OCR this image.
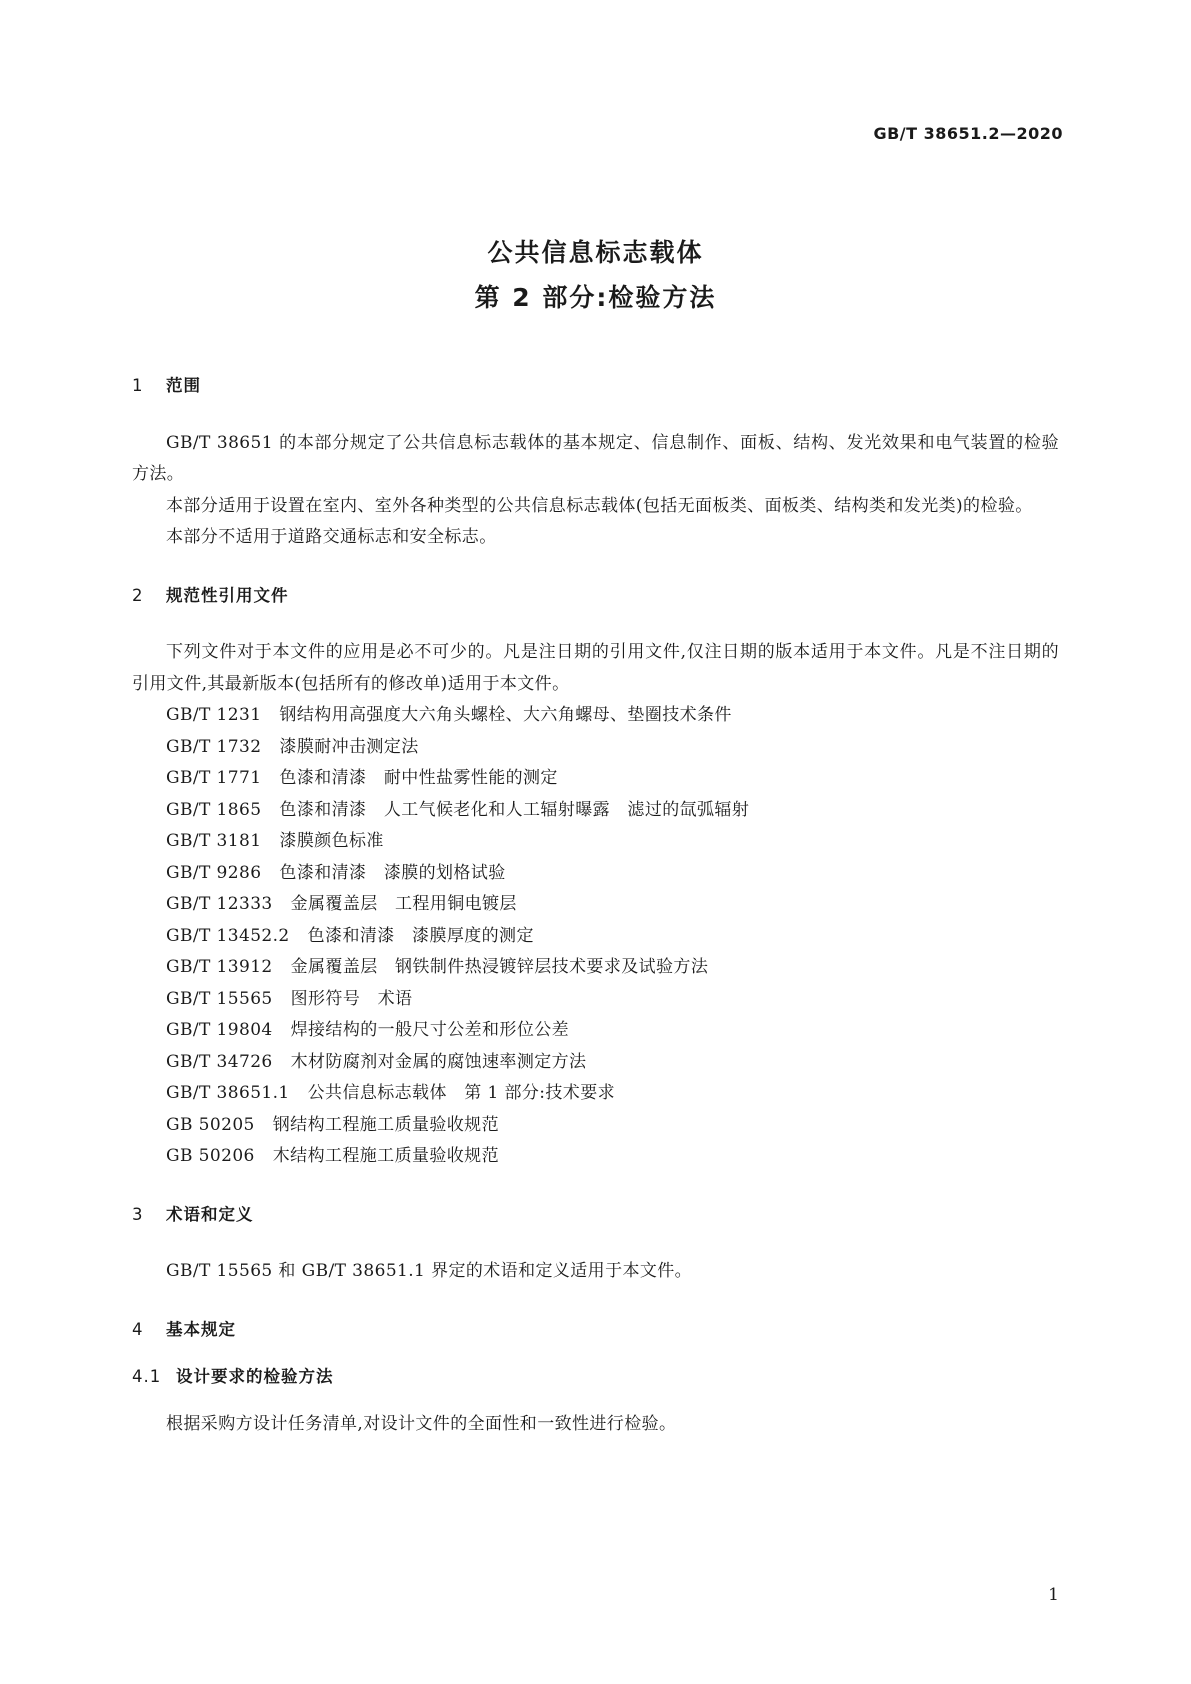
GB/T 38651.2—2020
公共信息标志载体
第 2 部分:检验方法

1 范围

GB/T 38651 的本部分规定了公共信息标志载体的基本规定、信息制作、面板、结构、发光效果和电气装置的检验方法。

本部分适用于设置在室内、室外各种类型的公共信息标志载体(包括无面板类、面板类、结构类和发光类)的检验。

本部分不适用于道路交通标志和安全标志。

2 规范性引用文件

下列文件对于本文件的应用是必不可少的。凡是注日期的引用文件,仅注日期的版本适用于本文件。凡是不注日期的引用文件,其最新版本(包括所有的修改单)适用于本文件。

GB/T 1231 钢结构用高强度大六角头螺栓、大六角螺母、垫圈技术条件

GB/T 1732 漆膜耐冲击测定法

GB/T 1771 色漆和清漆　耐中性盐雾性能的测定

GB/T 1865 色漆和清漆　人工气候老化和人工辐射曝露　滤过的氙弧辐射

GB/T 3181 漆膜颜色标准

GB/T 9286 色漆和清漆　漆膜的划格试验

GB/T 12333 金属覆盖层　工程用铜电镀层

GB/T 13452.2 色漆和清漆　漆膜厚度的测定

GB/T 13912 金属覆盖层　钢铁制件热浸镀锌层技术要求及试验方法

GB/T 15565 图形符号　术语

GB/T 19804 焊接结构的一般尺寸公差和形位公差

GB/T 34726 木材防腐剂对金属的腐蚀速率测定方法

GB/T 38651.1 公共信息标志载体　第 1 部分:技术要求

GB 50205 钢结构工程施工质量验收规范

GB 50206 木结构工程施工质量验收规范

3 术语和定义

GB/T 15565 和 GB/T 38651.1 界定的术语和定义适用于本文件。

4 基本规定

4.1 设计要求的检验方法

根据采购方设计任务清单,对设计文件的全面性和一致性进行检验。

1
